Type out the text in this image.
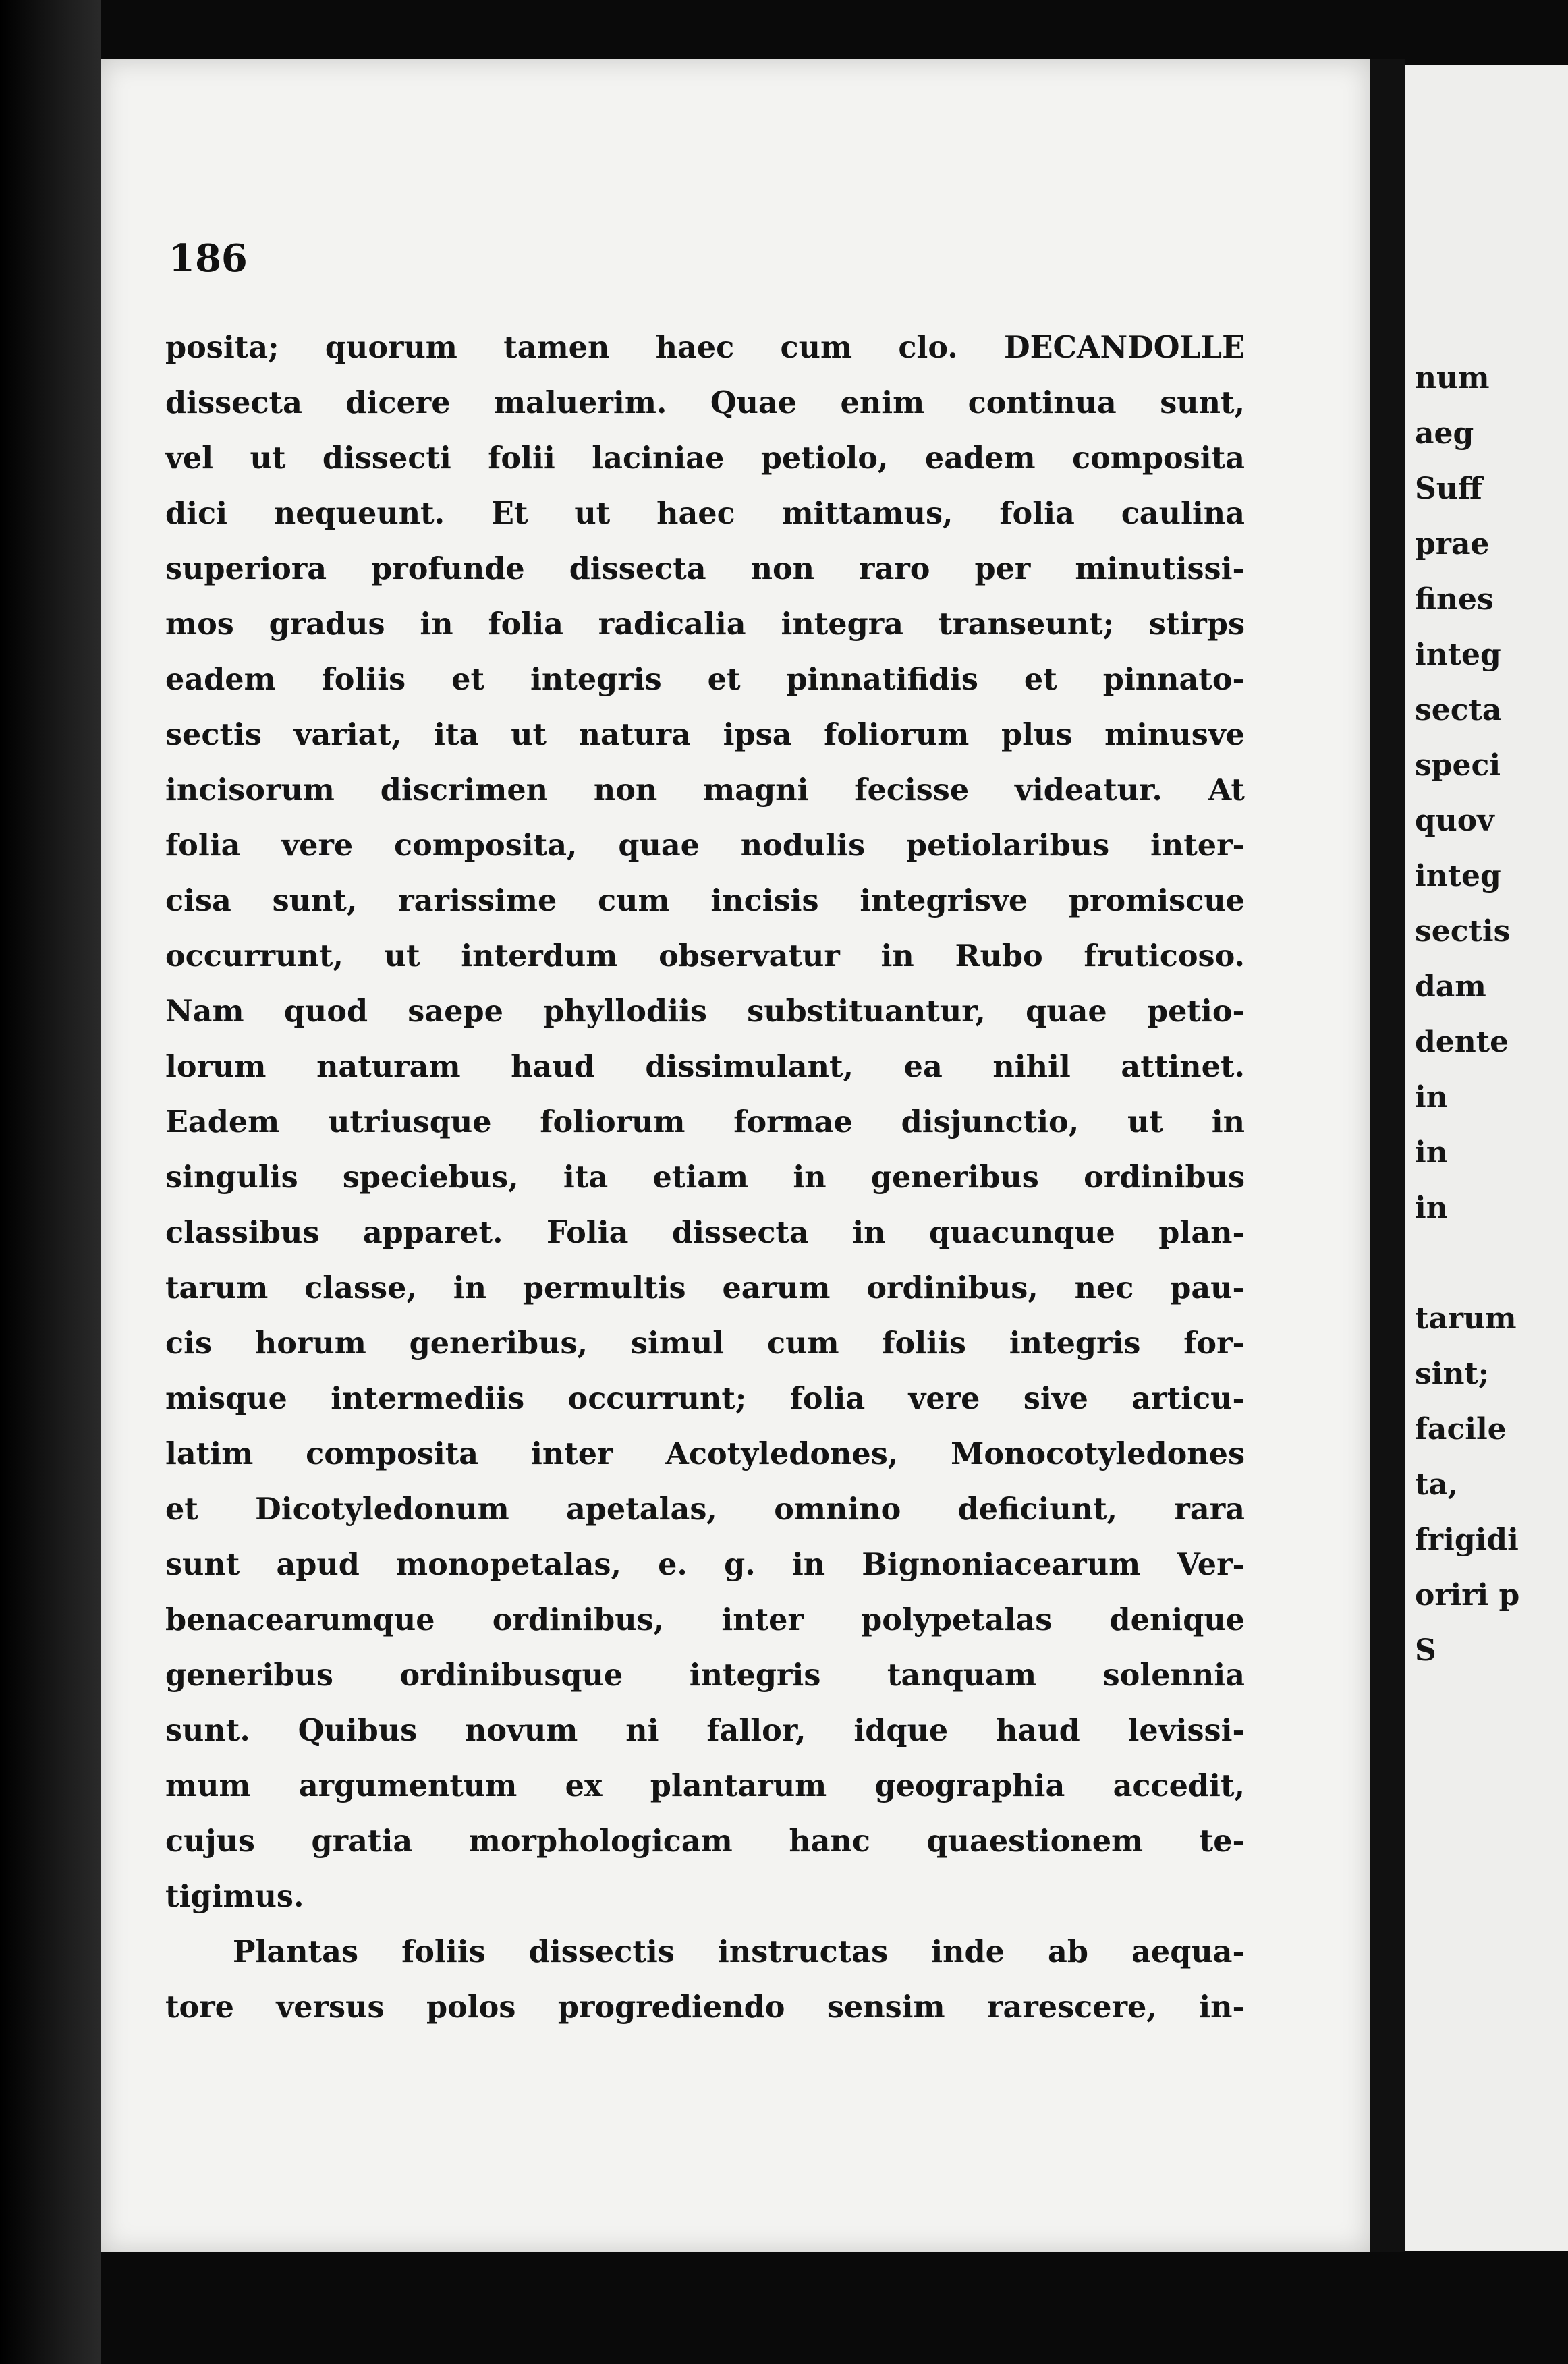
186
posita; quorum tamen haec cum clo. DECANDOLLE
dissecta dicere maluerim. Quae enim continua sunt,
vel ut dissecti folii laciniae petiolo, eadem composita
dici nequeunt. Et ut haec mittamus, folia caulina
superiora profunde dissecta non raro per minutissi-
mos gradus in folia radicalia integra transeunt; stirps
eadem foliis et integris et pinnatifidis et pinnato-
sectis variat, ita ut natura ipsa foliorum plus minusve
incisorum discrimen non magni fecisse videatur. At
folia vere composita, quae nodulis petiolaribus inter-
cisa sunt, rarissime cum incisis integrisve promiscue
occurrunt, ut interdum observatur in Rubo fruticoso.
Nam quod saepe phyllodiis substituantur, quae petio-
lorum naturam haud dissimulant, ea nihil attinet.
Eadem utriusque foliorum formae disjunctio, ut in
singulis speciebus, ita etiam in generibus ordinibus
classibus apparet. Folia dissecta in quacunque plan-
tarum classe, in permultis earum ordinibus, nec pau-
cis horum generibus, simul cum foliis integris for-
misque intermediis occurrunt; folia vere sive articu-
latim composita inter Acotyledones, Monocotyledones
et Dicotyledonum apetalas, omnino deficiunt, rara
sunt apud monopetalas, e. g. in Bignoniacearum Ver-
benacearumque ordinibus, inter polypetalas denique
generibus ordinibusque integris tanquam solennia
sunt. Quibus novum ni fallor, idque haud levissi-
mum argumentum ex plantarum geographia accedit,
cujus gratia morphologicam hanc quaestionem te-
tigimus.
Plantas foliis dissectis instructas inde ab aequa-
tore versus polos progrediendo sensim rarescere, in-
num
aeg
Suff
prae
fines
integ
secta
speci
quov
integ
sectis
dam
dente
in
in
in
tarum
sint;
facile
ta,
frigidi
oriri p
S
